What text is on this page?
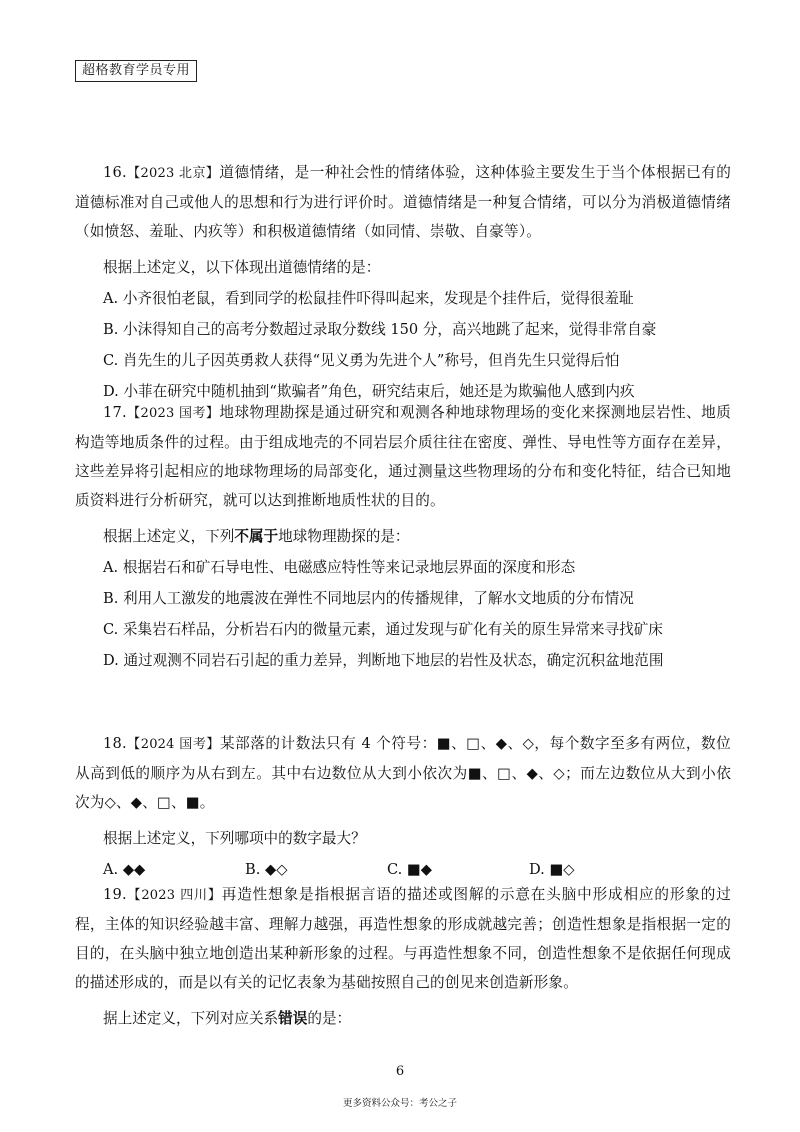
超格教育学员专用

16.【2023 北京】道德情绪，是一种社会性的情绪体验，这种体验主要发生于当个体根据已有的道德标准对自己或他人的思想和行为进行评价时。道德情绪是一种复合情绪，可以分为消极道德情绪（如愤怒、羞耻、内疚等）和积极道德情绪（如同情、崇敬、自豪等）。

根据上述定义，以下体现出道德情绪的是：

A. 小齐很怕老鼠，看到同学的松鼠挂件吓得叫起来，发现是个挂件后，觉得很羞耻

B. 小沫得知自己的高考分数超过录取分数线 150 分，高兴地跳了起来，觉得非常自豪

C. 肖先生的儿子因英勇救人获得“见义勇为先进个人”称号，但肖先生只觉得后怕

D. 小菲在研究中随机抽到“欺骗者”角色，研究结束后，她还是为欺骗他人感到内疚

17.【2023 国考】地球物理勘探是通过研究和观测各种地球物理场的变化来探测地层岩性、地质构造等地质条件的过程。由于组成地壳的不同岩层介质往往在密度、弹性、导电性等方面存在差异，这些差异将引起相应的地球物理场的局部变化，通过测量这些物理场的分布和变化特征，结合已知地质资料进行分析研究，就可以达到推断地质性状的目的。

根据上述定义，下列不属于地球物理勘探的是：

A. 根据岩石和矿石导电性、电磁感应特性等来记录地层界面的深度和形态

B. 利用人工激发的地震波在弹性不同地层内的传播规律，了解水文地质的分布情况

C. 采集岩石样品，分析岩石内的微量元素，通过发现与矿化有关的原生异常来寻找矿床

D. 通过观测不同岩石引起的重力差异，判断地下地层的岩性及状态，确定沉积盆地范围

18.【2024 国考】某部落的计数法只有 4 个符号：■、□、◆、◇，每个数字至多有两位，数位从高到低的顺序为从右到左。其中右边数位从大到小依次为■、□、◆、◇；而左边数位从大到小依次为◇、◆、□、■。

根据上述定义，下列哪项中的数字最大？

A. ◆◆	B. ◆◇	C. ■◆	D. ■◇

19.【2023 四川】再造性想象是指根据言语的描述或图解的示意在头脑中形成相应的形象的过程，主体的知识经验越丰富、理解力越强，再造性想象的形成就越完善；创造性想象是指根据一定的目的，在头脑中独立地创造出某种新形象的过程。与再造性想象不同，创造性想象不是依据任何现成的描述形成的，而是以有关的记忆表象为基础按照自己的创见来创造新形象。

据上述定义，下列对应关系错误的是：

6
更多资料公众号：考公之子
